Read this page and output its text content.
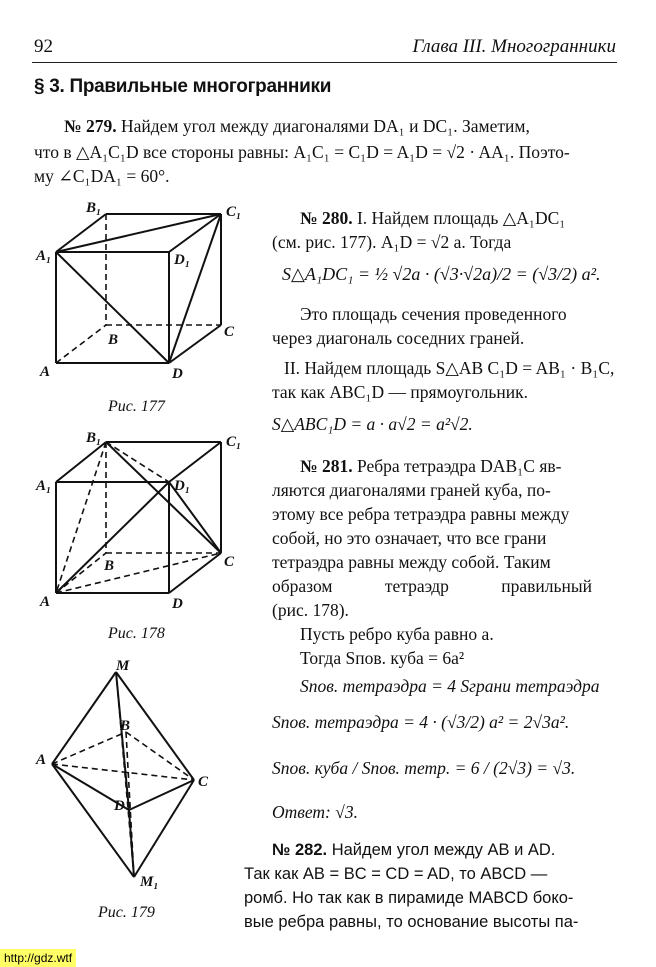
92	Глава III. Многогранники
§ 3. Правильные многогранники
№ 279. Найдем угол между диагоналями DA₁ и DC₁. Заметим,
что в △A₁C₁D все стороны равны: A₁C₁ = C₁D = A₁D = √2 · AA₁. Поэто-
му ∠C₁DA₁ = 60°.
B₁	C₁
A₁	D₁
B	C
A	D
Рис. 177
B₁	C₁
A₁	D₁
B	C
A	D
Рис. 178
M
B
A
C
D
M₁
Рис. 179
№ 280. I. Найдем площадь △A₁DC₁
(см. рис. 177). A₁D = √2 a. Тогда
S△A₁DC₁ = ½ √2a · (√3·√2a)/2 = (√3/2) a².
Это площадь сечения проведенного
через диагональ соседних граней.
II. Найдем площадь S△AB C₁D = AB₁ · B₁C,
так как ABC₁D — прямоугольник.
S△ABC₁D = a · a√2 = a²√2.
№ 281. Ребра тетраэдра DAB₁C яв-
ляются диагоналями граней куба, по-
этому все ребра тетраэдра равны между
собой, но это означает, что все грани
тетраэдра равны между собой. Таким
образом тетраэдр правильный
(рис. 178).
Пусть ребро куба равно a.
Тогда Sпов. куба = 6a²
Sпов. тетраэдра = 4 Sграни тетраэдра
Sпов. тетраэдра = 4 · (√3/2) a² = 2√3a².
Sпов. куба / Sпов. тетр. = 6 / (2√3) = √3.
Ответ: √3.
№ 282. Найдем угол между AB и AD.
Так как AB = BC = CD = AD, то ABCD —
ромб. Но так как в пирамиде MABCD боко-
вые ребра равны, то основание высоты па-
http://gdz.wtf
